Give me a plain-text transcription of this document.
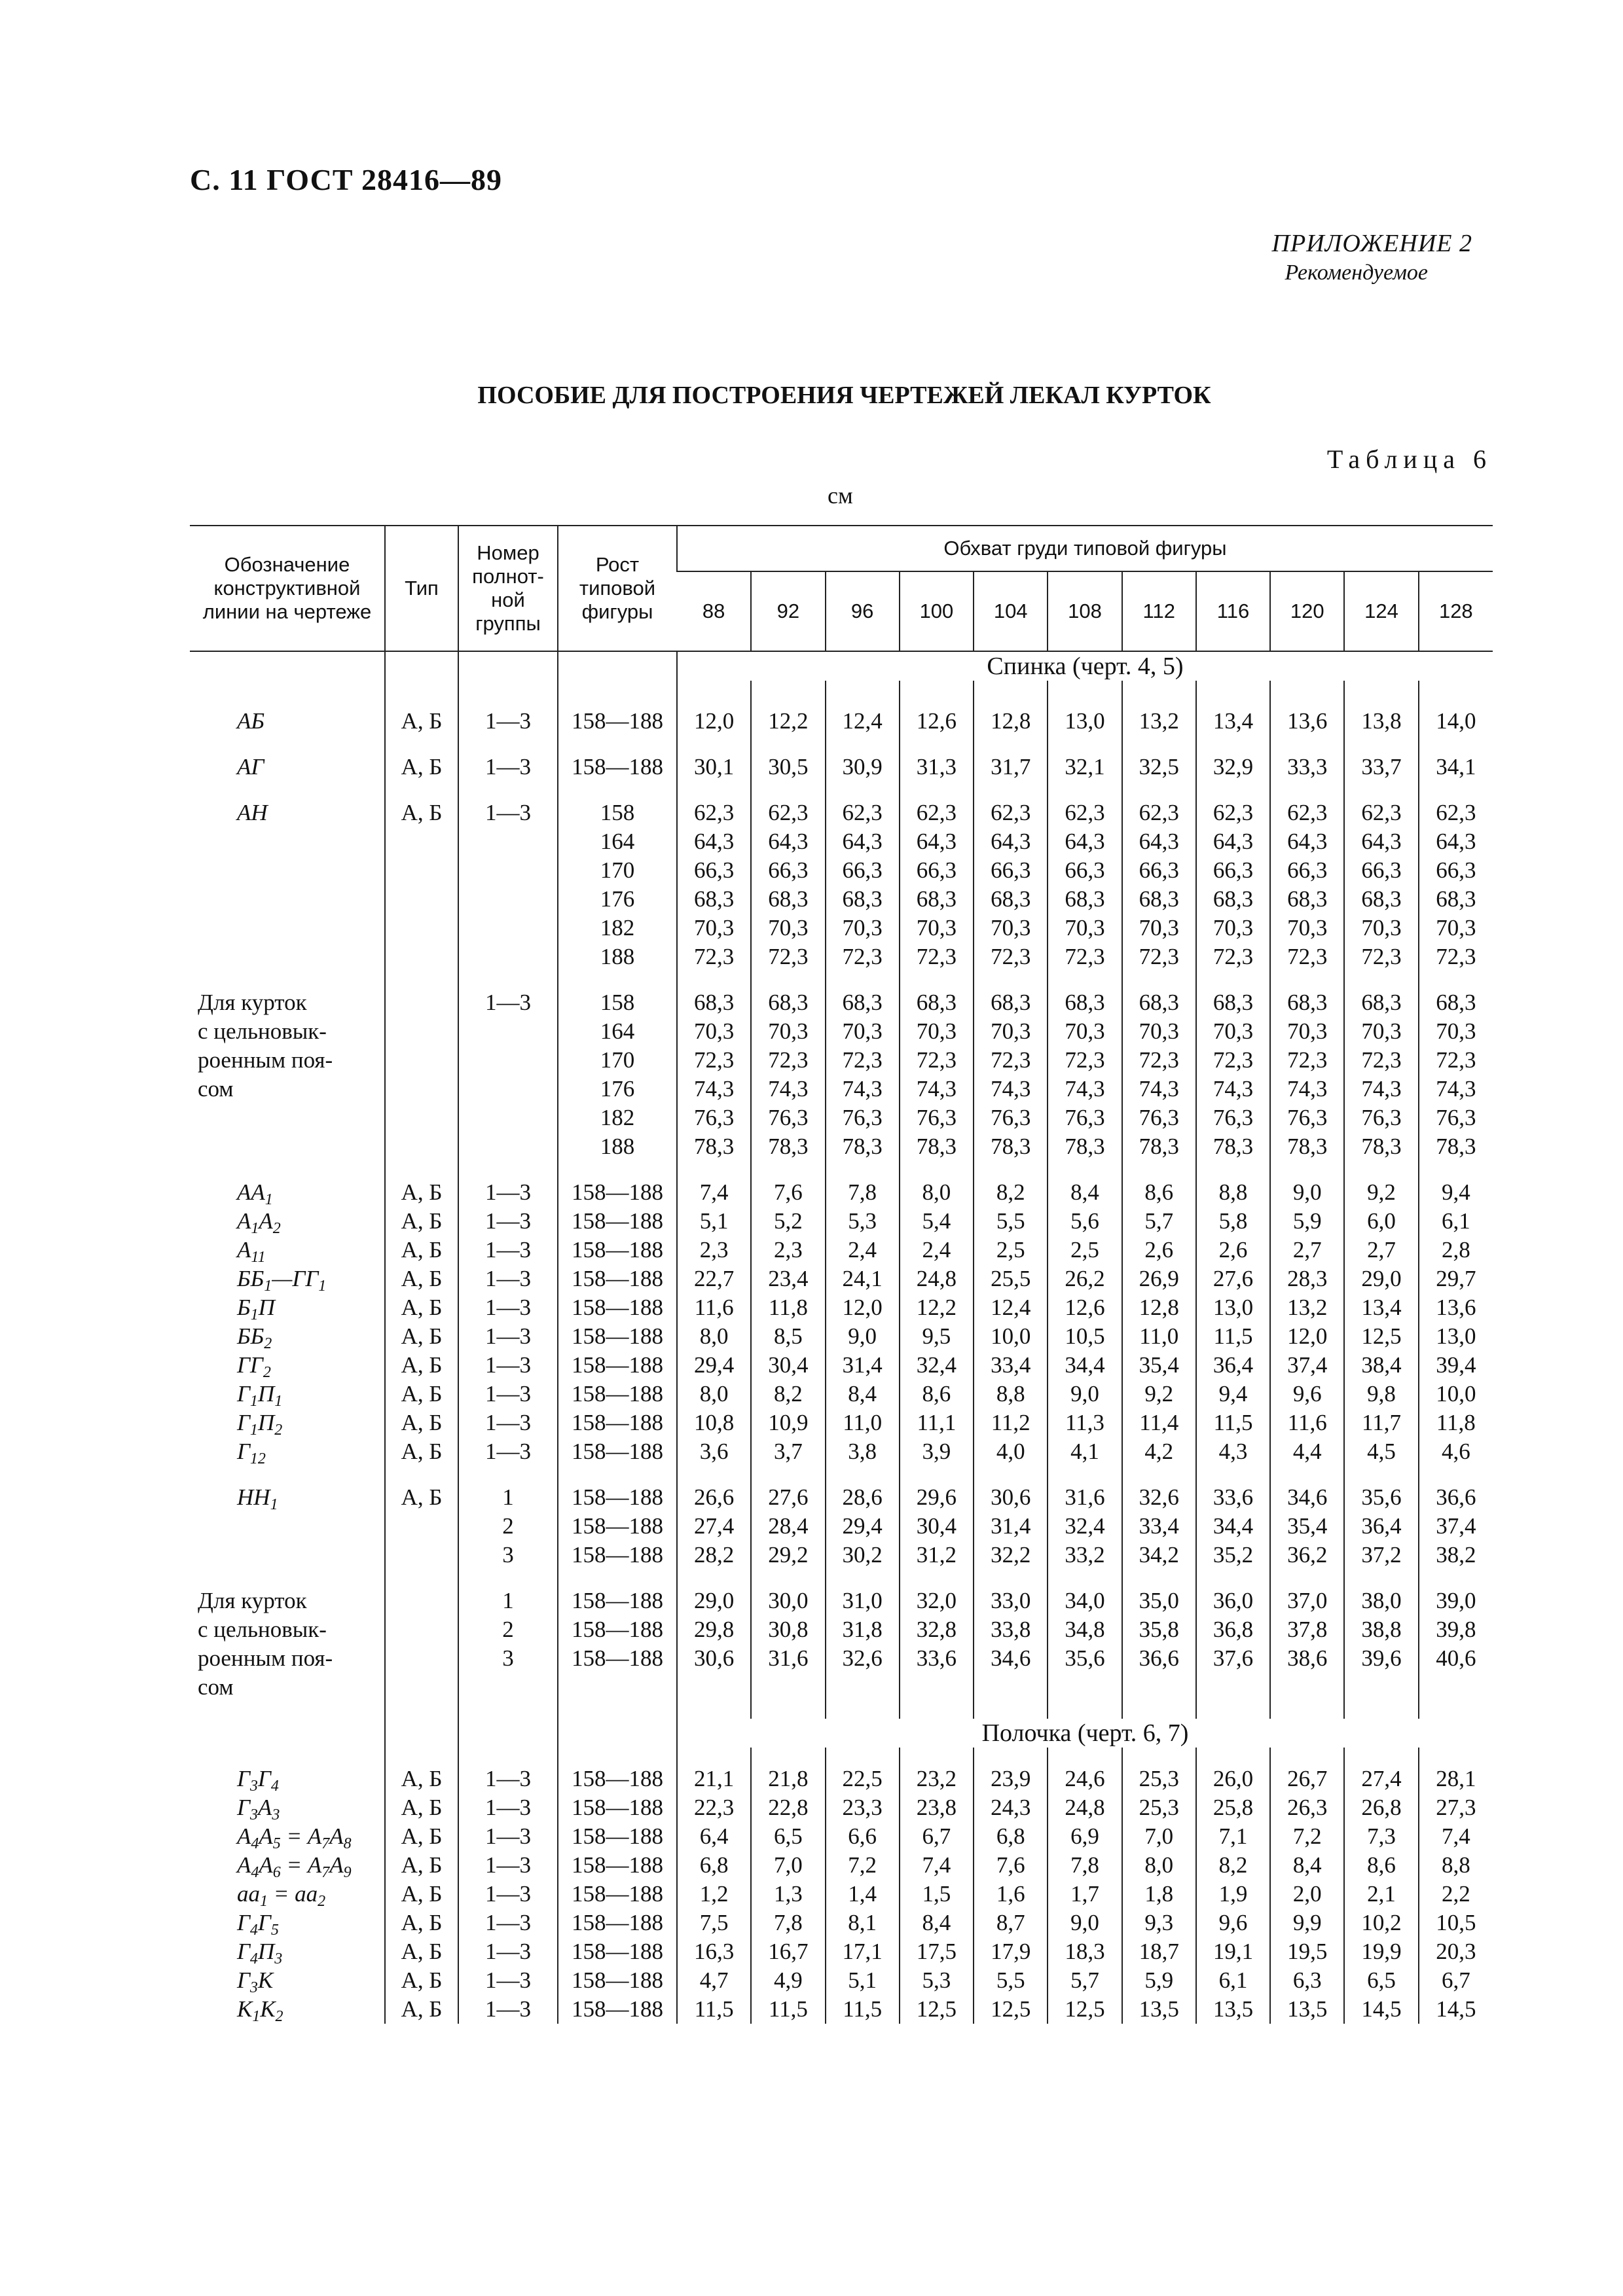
С. 11 ГОСТ 28416—89
ПРИЛОЖЕНИЕ 2
Рекомендуемое
ПОСОБИЕ ДЛЯ ПОСТРОЕНИЯ ЧЕРТЕЖЕЙ ЛЕКАЛ КУРТОК
Таблица 6
см
Обозначение конструктивной линии на чертеже	Тип	Номер полнот-ной группы	Рост типовой фигуры	Обхват груди типовой фигуры										
				88	92	96	100	104	108	112	116	120	124	128
				Спинка (черт. 4, 5)										

АБ	А, Б	1—3	158—188	12,0	12,2	12,4	12,6	12,8	13,0	13,2	13,4	13,6	13,8	14,0

АГ	А, Б	1—3	158—188	30,1	30,5	30,9	31,3	31,7	32,1	32,5	32,9	33,3	33,7	34,1

АН	А, Б	1—3	158	62,3	62,3	62,3	62,3	62,3	62,3	62,3	62,3	62,3	62,3	62,3
			164	64,3	64,3	64,3	64,3	64,3	64,3	64,3	64,3	64,3	64,3	64,3
			170	66,3	66,3	66,3	66,3	66,3	66,3	66,3	66,3	66,3	66,3	66,3
			176	68,3	68,3	68,3	68,3	68,3	68,3	68,3	68,3	68,3	68,3	68,3
			182	70,3	70,3	70,3	70,3	70,3	70,3	70,3	70,3	70,3	70,3	70,3
			188	72,3	72,3	72,3	72,3	72,3	72,3	72,3	72,3	72,3	72,3	72,3

Для курток		1—3	158	68,3	68,3	68,3	68,3	68,3	68,3	68,3	68,3	68,3	68,3	68,3
с цельновык-			164	70,3	70,3	70,3	70,3	70,3	70,3	70,3	70,3	70,3	70,3	70,3
роенным поя-			170	72,3	72,3	72,3	72,3	72,3	72,3	72,3	72,3	72,3	72,3	72,3
сом			176	74,3	74,3	74,3	74,3	74,3	74,3	74,3	74,3	74,3	74,3	74,3
			182	76,3	76,3	76,3	76,3	76,3	76,3	76,3	76,3	76,3	76,3	76,3
			188	78,3	78,3	78,3	78,3	78,3	78,3	78,3	78,3	78,3	78,3	78,3

$АА_1$	А, Б	1—3	158—188	7,4	7,6	7,8	8,0	8,2	8,4	8,6	8,8	9,0	9,2	9,4
$А_1А_2$	А, Б	1—3	158—188	5,1	5,2	5,3	5,4	5,5	5,6	5,7	5,8	5,9	6,0	6,1
$А_{11}$	А, Б	1—3	158—188	2,3	2,3	2,4	2,4	2,5	2,5	2,6	2,6	2,7	2,7	2,8
$ББ_1—ГГ_1$	А, Б	1—3	158—188	22,7	23,4	24,1	24,8	25,5	26,2	26,9	27,6	28,3	29,0	29,7
$Б_1П$	А, Б	1—3	158—188	11,6	11,8	12,0	12,2	12,4	12,6	12,8	13,0	13,2	13,4	13,6
$ББ_2$	А, Б	1—3	158—188	8,0	8,5	9,0	9,5	10,0	10,5	11,0	11,5	12,0	12,5	13,0
$ГГ_2$	А, Б	1—3	158—188	29,4	30,4	31,4	32,4	33,4	34,4	35,4	36,4	37,4	38,4	39,4
$Г_1П_1$	А, Б	1—3	158—188	8,0	8,2	8,4	8,6	8,8	9,0	9,2	9,4	9,6	9,8	10,0
$Г_1П_2$	А, Б	1—3	158—188	10,8	10,9	11,0	11,1	11,2	11,3	11,4	11,5	11,6	11,7	11,8
$Г_{12}$	А, Б	1—3	158—188	3,6	3,7	3,8	3,9	4,0	4,1	4,2	4,3	4,4	4,5	4,6

$НН_1$	А, Б	1	158—188	26,6	27,6	28,6	29,6	30,6	31,6	32,6	33,6	34,6	35,6	36,6
		2	158—188	27,4	28,4	29,4	30,4	31,4	32,4	33,4	34,4	35,4	36,4	37,4
		3	158—188	28,2	29,2	30,2	31,2	32,2	33,2	34,2	35,2	36,2	37,2	38,2

Для курток		1	158—188	29,0	30,0	31,0	32,0	33,0	34,0	35,0	36,0	37,0	38,0	39,0
с цельновык-		2	158—188	29,8	30,8	31,8	32,8	33,8	34,8	35,8	36,8	37,8	38,8	39,8
роенным поя-		3	158—188	30,6	31,6	32,6	33,6	34,6	35,6	36,6	37,6	38,6	39,6	40,6
сом														

				Полочка (черт. 6, 7)										

$Г_3Г_4$	А, Б	1—3	158—188	21,1	21,8	22,5	23,2	23,9	24,6	25,3	26,0	26,7	27,4	28,1
$Г_3А_3$	А, Б	1—3	158—188	22,3	22,8	23,3	23,8	24,3	24,8	25,3	25,8	26,3	26,8	27,3
$А_4А_5 = А_7А_8$	А, Б	1—3	158—188	6,4	6,5	6,6	6,7	6,8	6,9	7,0	7,1	7,2	7,3	7,4
$А_4А_6 = А_7А_9$	А, Б	1—3	158—188	6,8	7,0	7,2	7,4	7,6	7,8	8,0	8,2	8,4	8,6	8,8
$аа_1 = аа_2$	А, Б	1—3	158—188	1,2	1,3	1,4	1,5	1,6	1,7	1,8	1,9	2,0	2,1	2,2
$Г_4Г_5$	А, Б	1—3	158—188	7,5	7,8	8,1	8,4	8,7	9,0	9,3	9,6	9,9	10,2	10,5
$Г_4П_3$	А, Б	1—3	158—188	16,3	16,7	17,1	17,5	17,9	18,3	18,7	19,1	19,5	19,9	20,3
$Г_3К$	А, Б	1—3	158—188	4,7	4,9	5,1	5,3	5,5	5,7	5,9	6,1	6,3	6,5	6,7
$К_1К_2$	А, Б	1—3	158—188	11,5	11,5	11,5	12,5	12,5	12,5	13,5	13,5	13,5	14,5	14,5
